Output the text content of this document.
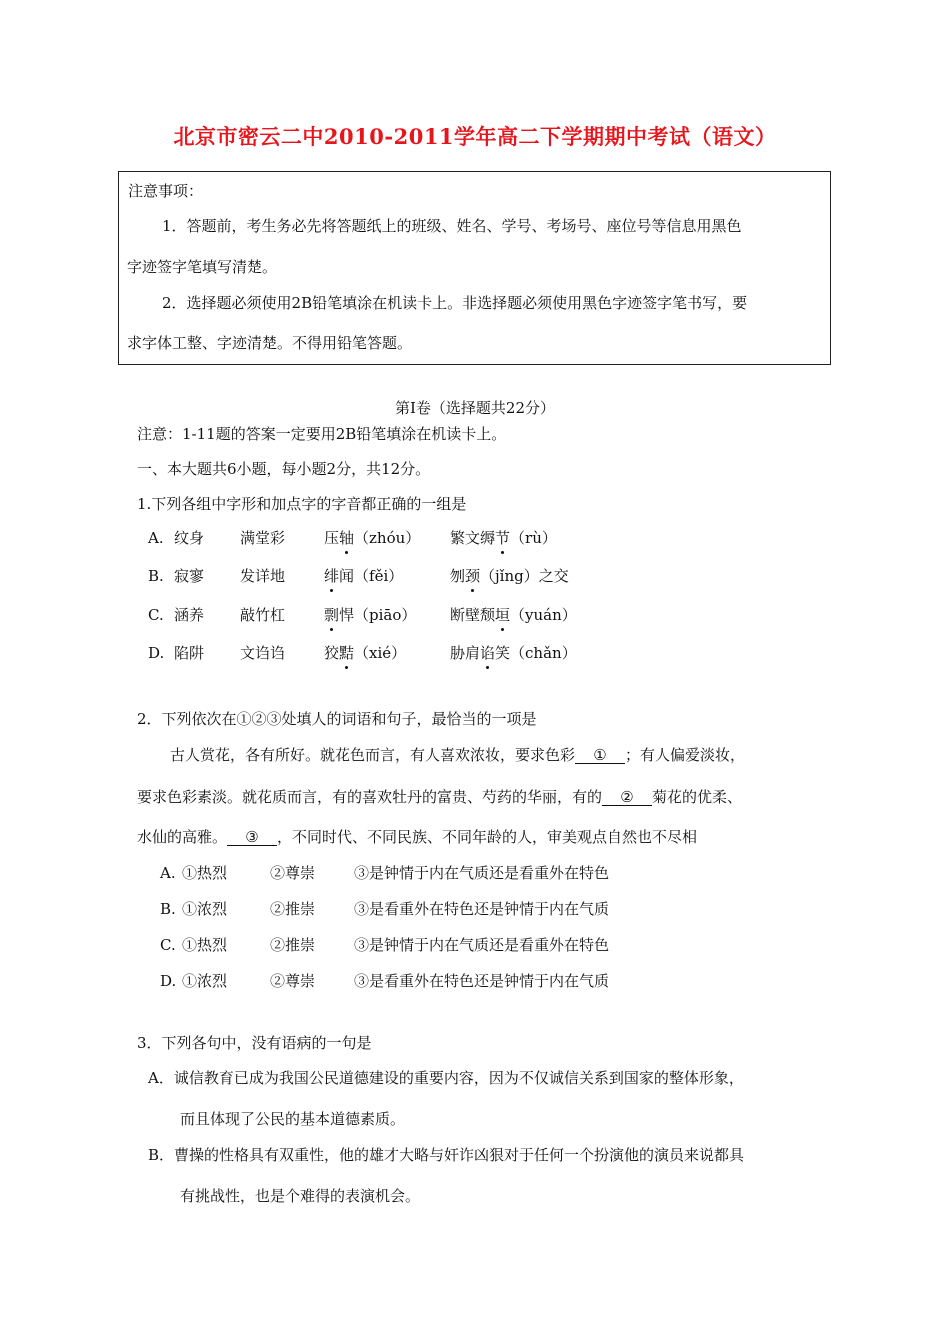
北京市密云二中2010-2011学年高二下学期期中考试（语文）
注意事项：
1．答题前，考生务必先将答题纸上的班级、姓名、学号、考场号、座位号等信息用黑色
字迹签字笔填写清楚。
2．选择题必须使用2B铅笔填涂在机读卡上。非选择题必须使用黑色字迹签字笔书写，要
求字体工整、字迹清楚。不得用铅笔答题。
第Ⅰ卷（选择题共22分）
注意：1-11题的答案一定要用2B铅笔填涂在机读卡上。
一、本大题共6小题，每小题2分，共12分。
1.下列各组中字形和加点字的字音都正确的一组是
A. 纹身 满堂彩	压轴（zhóu） 繁文缛节（rù）
B. 寂寥 发详地	绯闻（fěi）	刎颈（jǐng）之交
C. 涵养 敲竹杠	剽悍（piāo） 断壁颓垣（yuán）
D. 陷阱 文诌诌	狡黠（xié）	胁肩谄笑（chǎn）
2．下列依次在①②③处填人的词语和句子，最恰当的一项是
古人赏花，各有所好。就花色而言，有人喜欢浓妆，要求色彩 ① ；有人偏爱淡妆，
要求色彩素淡。就花质而言，有的喜欢牡丹的富贵、芍药的华丽，有的 ② 菊花的优柔、
水仙的高雅。 ③ ，不同时代、不同民族、不同年龄的人，审美观点自然也不尽相
A. ①热烈	②尊崇	③是钟情于内在气质还是看重外在特色
B. ①浓烈	②推崇	③是看重外在特色还是钟情于内在气质
C. ①热烈	②推崇	③是钟情于内在气质还是看重外在特色
D. ①浓烈	②尊崇	③是看重外在特色还是钟情于内在气质
3．下列各句中，没有语病的一句是
A．诚信教育已成为我国公民道德建设的重要内容，因为不仅诚信关系到国家的整体形象，
而且体现了公民的基本道德素质。
B．曹操的性格具有双重性，他的雄才大略与奸诈凶狠对于任何一个扮演他的演员来说都具
有挑战性，也是个难得的表演机会。
